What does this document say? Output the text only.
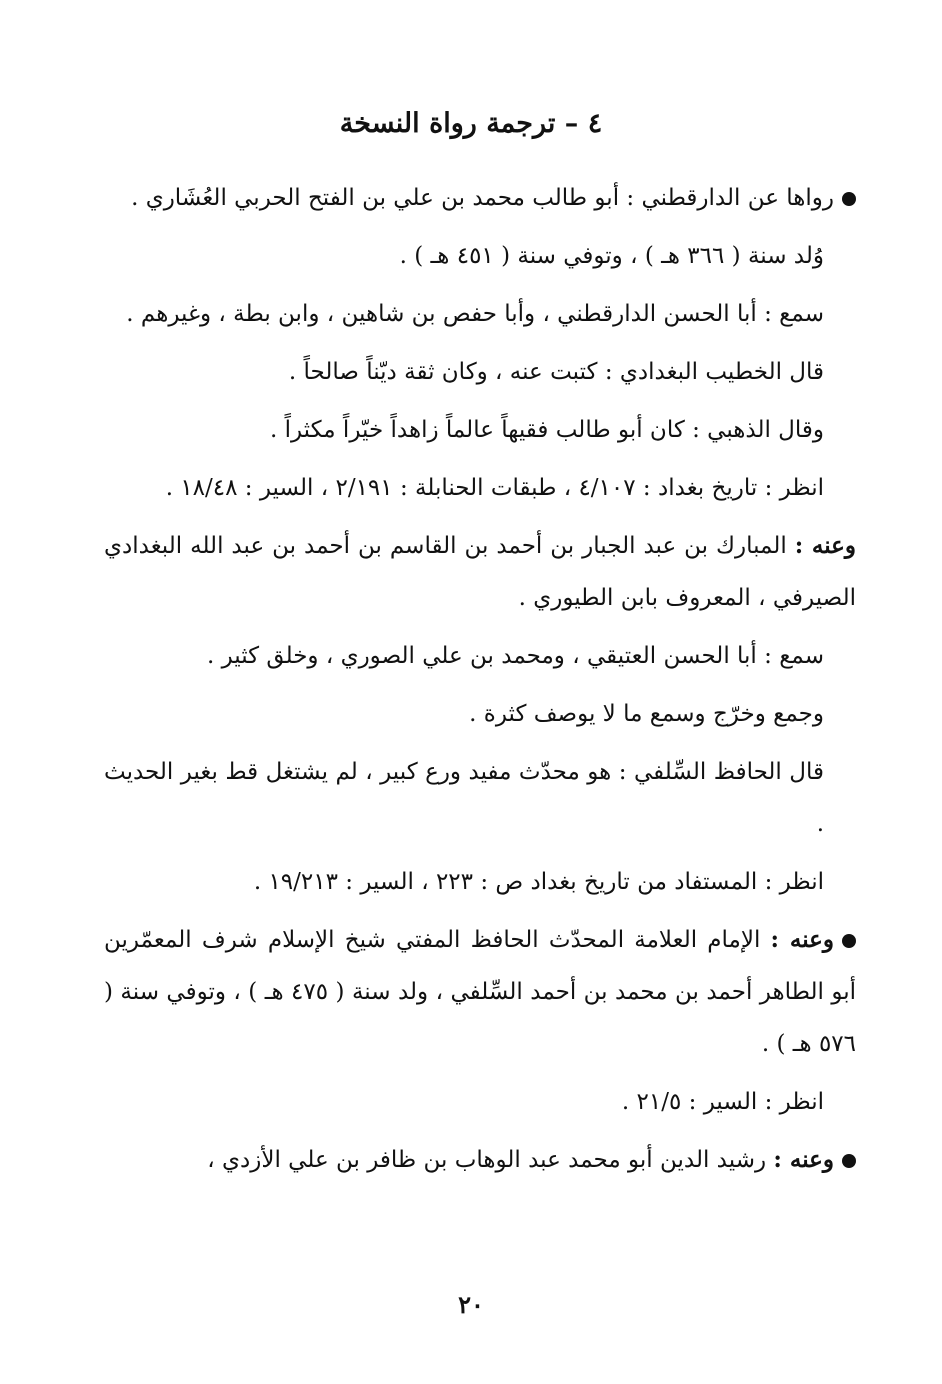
٤ – ترجمة رواة النسخة

رواها عن الدارقطني : أبو طالب محمد بن علي بن الفتح الحربي العُشَاري .

وُلد سنة ( ٣٦٦ هـ ) ، وتوفي سنة ( ٤٥١ هـ ) .

سمع : أبا الحسن الدارقطني ، وأبا حفص بن شاهين ، وابن بطة ، وغيرهم .

قال الخطيب البغدادي : كتبت عنه ، وكان ثقة ديّناً صالحاً .

وقال الذهبي : كان أبو طالب فقيهاً عالماً زاهداً خيّراً مكثراً .

انظر : تاريخ بغداد : ٤/١٠٧ ، طبقات الحنابلة : ٢/١٩١ ، السير : ١٨/٤٨ .

وعنه : المبارك بن عبد الجبار بن أحمد بن القاسم بن أحمد بن عبد الله البغدادي الصيرفي ، المعروف بابن الطيوري .

سمع : أبا الحسن العتيقي ، ومحمد بن علي الصوري ، وخلق كثير .

وجمع وخرّج وسمع ما لا يوصف كثرة .

قال الحافظ السِّلفي : هو محدّث مفيد ورع كبير ، لم يشتغل قط بغير الحديث .

انظر : المستفاد من تاريخ بغداد ص : ٢٢٣ ، السير : ١٩/٢١٣ .

وعنه : الإمام العلامة المحدّث الحافظ المفتي شيخ الإسلام شرف المعمّرين أبو الطاهر أحمد بن محمد بن أحمد السِّلفي ، ولد سنة ( ٤٧٥ هـ ) ، وتوفي سنة ( ٥٧٦ هـ ) .

انظر : السير : ٢١/٥ .

وعنه : رشيد الدين أبو محمد عبد الوهاب بن ظافر بن علي الأزدي ،

٢٠
